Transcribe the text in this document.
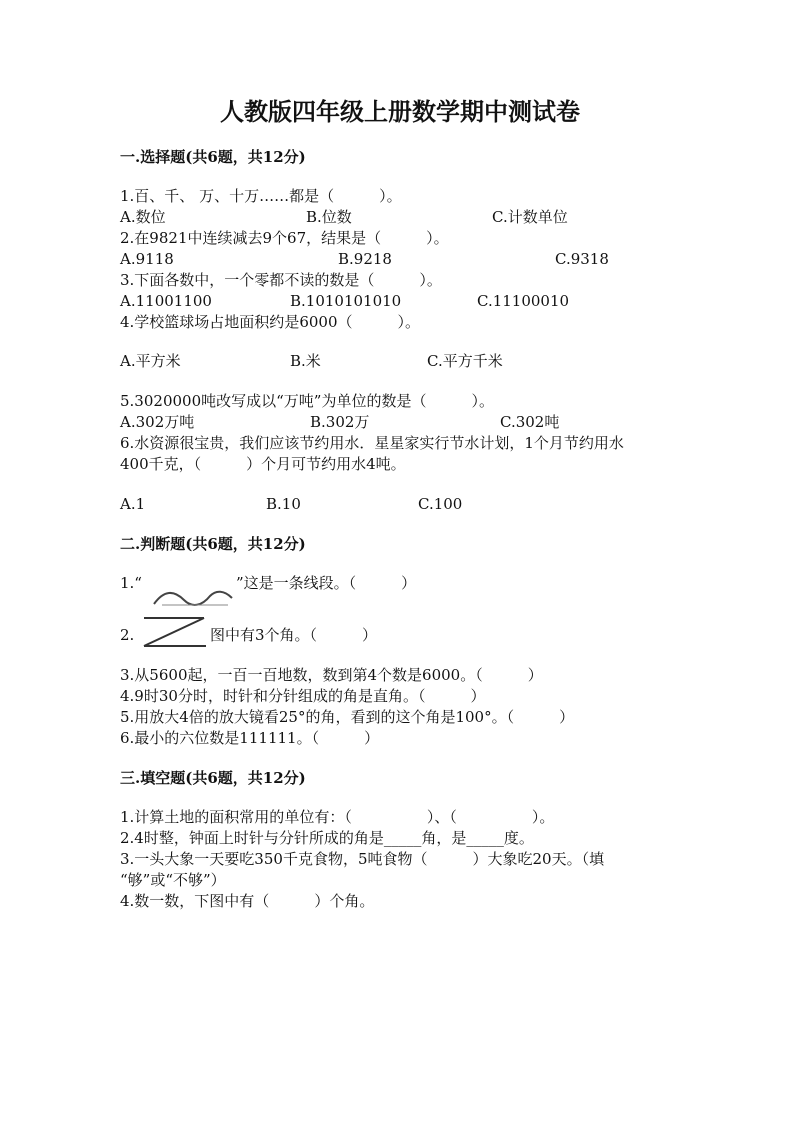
人教版四年级上册数学期中测试卷
一.选择题(共6题，共12分)
1.百、千、 万、十万……都是（　　　）。
A.数位	B.位数	C.计数单位
2.在9821中连续减去9个67，结果是（　　　）。
A.9118	B.9218	C.9318
3.下面各数中，一个零都不读的数是（　　　）。
A.11001100	B.1010101010	C.11100010
4.学校篮球场占地面积约是6000（　　　）。
A.平方米	B.米	C.平方千米
5.3020000吨改写成以“万吨”为单位的数是（　　　）。
A.302万吨	B.302万	C.302吨
6.水资源很宝贵，我们应该节约用水．星星家实行节水计划，1个月节约用水
400千克，（　　　）个月可节约用水4吨。
A.1	B.10	C.100
二.判断题(共6题，共12分)
1.“	”这是一条线段。（　　　）
2.	图中有3个角。（　　　）
3.从5600起，一百一百地数，数到第4个数是6000。（　　　）
4.9时30分时，时针和分针组成的角是直角。（　　　）
5.用放大4倍的放大镜看25°的角，看到的这个角是100°。（　　　）
6.最小的六位数是111111。（　　　）
三.填空题(共6题，共12分)
1.计算土地的面积常用的单位有：（　　　　　）、（　　　　　）。
2.4时整，钟面上时针与分针所成的角是_____角，是_____度。
3.一头大象一天要吃350千克食物，5吨食物（　　　）大象吃20天。（填
“够”或“不够”）
4.数一数，下图中有（　　　）个角。
